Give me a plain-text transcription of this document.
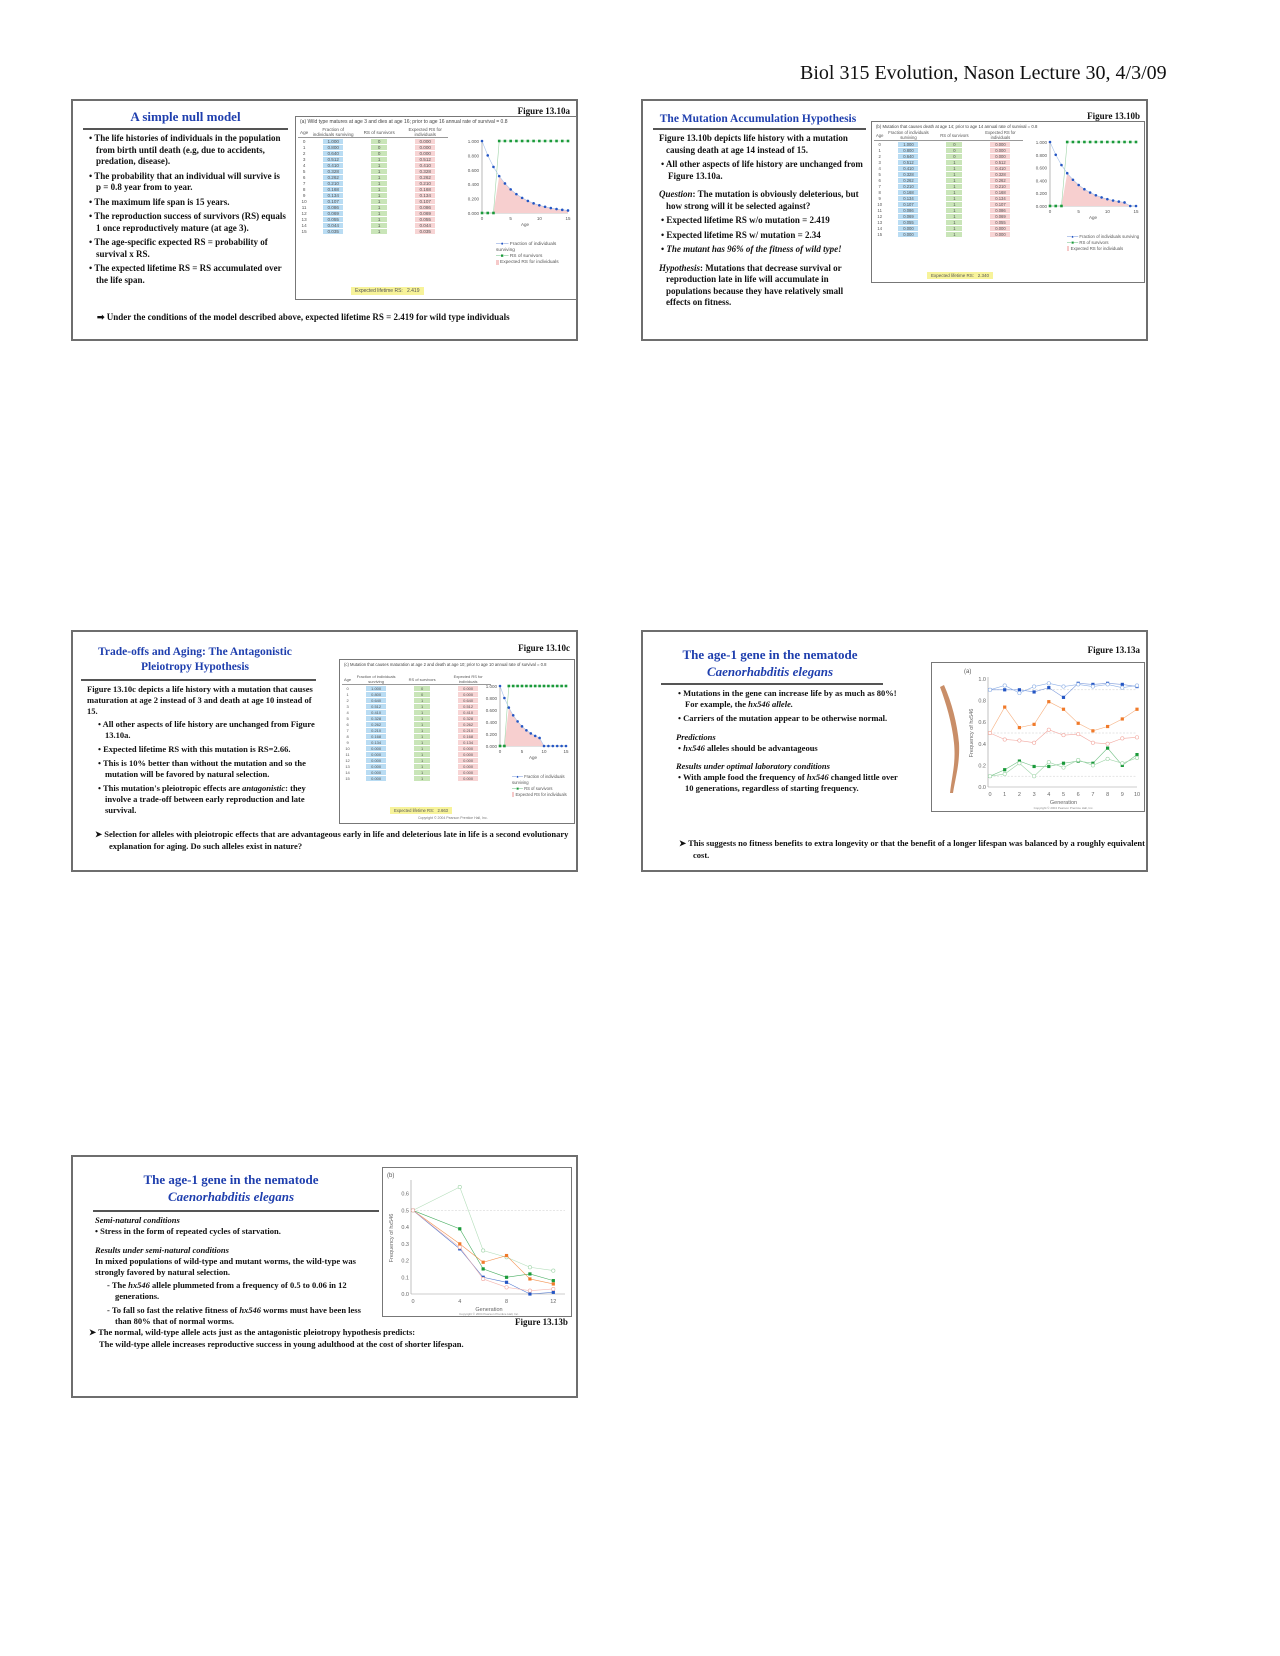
Biol 315 Evolution, Nason Lecture 30, 4/3/09
A simple null model	Figure 13.10a

• The life histories of individuals in the population from birth until death (e.g, due to accidents, predation, disease).

• The probability that an individual will survive is p = 0.8 year from to year.

• The maximum life span is 15 years.

• The reproduction success of survivors (RS) equals 1 once reproductively mature (at age 3).

• The age-specific expected RS = probability of survival x RS.

• The expected lifetime RS = RS accumulated over the life span.

➡ Under the conditions of the model described above, expected lifetime RS = 2.419 for wild type individuals
(a) Wild type matures at age 3 and dies at age 16; prior to age 16 annual rate of survival = 0.8
Age	Fraction of individuals surviving	RS of survivors	Expected RS for individuals
0	1.000	0	0.000
1	0.800	0	0.000
2	0.640	0	0.000
3	0.512	1	0.512
4	0.410	1	0.410
5	0.328	1	0.328
6	0.262	1	0.262
7	0.210	1	0.210
8	0.168	1	0.168
9	0.134	1	0.134
10	0.107	1	0.107
11	0.086	1	0.086
12	0.069	1	0.069
13	0.055	1	0.055
14	0.044	1	0.044
15	0.035	1	0.035
Expected lifetime RS: 2.419
1.000
0.800
0.600
0.400
0.200
0.000
0	5	10	15
Age
—●— Fraction of individuals surviving
—■— RS of survivors
Expected RS for individuals
The Mutation Accumulation Hypothesis	Figure 13.10b

Figure 13.10b depicts life history with a mutation causing death at age 14 instead of 15.

• All other aspects of life history are unchanged from Figure 13.10a.

Question: The mutation is obviously deleterious, but how strong will it be selected against?

• Expected lifetime RS w/o mutation = 2.419

• Expected lifetime RS w/ mutation = 2.34

• The mutant has 96% of the fitness of wild type!

Hypothesis: Mutations that decrease survival or reproduction late in life will accumulate in populations because they have relatively small effects on fitness.

(b) Mutation that causes death at age 14; prior to age 14 annual rate of survival = 0.8
Age	Fraction of individuals surviving	RS of survivors	Expected RS for individuals
0	1.000	0	0.000
1	0.800	0	0.000
2	0.640	0	0.000
3	0.512	1	0.512
4	0.410	1	0.410
5	0.328	1	0.328
6	0.262	1	0.262
7	0.210	1	0.210
8	0.168	1	0.168
9	0.134	1	0.134
10	0.107	1	0.107
11	0.086	1	0.086
12	0.069	1	0.069
13	0.055	1	0.055
14	0.000	1	0.000
15	0.000	1	0.000
Expected lifetime RS: 2.340
1.000
0.800
0.600
0.400
0.200
0.000
0	5	10	15
Age
—●— Fraction of individuals surviving
—■— RS of survivors
Expected RS for individuals
Trade-offs and Aging: The Antagonistic
Pleiotropy Hypothesis
Figure 13.10c

Figure 13.10c depicts a life history with a mutation that causes maturation at age 2 instead of 3 and death at age 10 instead of 15.

• All other aspects of life history are unchanged from Figure 13.10a.

• Expected lifetime RS with this mutation is RS=2.66.

• This is 10% better than without the mutation and so the mutation will be favored by natural selection.

• This mutation's pleiotropic effects are antagonistic: they involve a trade-off between early reproduction and late survival.

➤ Selection for alleles with pleiotropic effects that are advantageous early in life and deleterious late in life is a second evolutionary explanation for aging. Do such alleles exist in nature?
(c) Mutation that causes maturation at age 2 and death at age 10; prior to age 10 annual rate of survival = 0.8
Age	Fraction of individuals surviving	RS of survivors	Expected RS for individuals
0	1.000	0	0.000
1	0.800	0	0.000
2	0.640	1	0.640
3	0.512	1	0.512
4	0.410	1	0.410
5	0.328	1	0.328
6	0.262	1	0.262
7	0.210	1	0.210
8	0.168	1	0.168
9	0.134	1	0.134
10	0.000	1	0.000
11	0.000	1	0.000
12	0.000	1	0.000
13	0.000	1	0.000
14	0.000	1	0.000
15	0.000	1	0.000
Expected lifetime RS: 2.663
Copyright © 2004 Pearson Prentice Hall, Inc.
1.000
0.800
0.600
0.400
0.200
0.000
0	5	10	15
Age
—●— Fraction of individuals surviving
—■— RS of survivors
Expected RS for individuals
The age-1 gene in the nematode
Caenorhabditis elegans
Figure 13.13a

• Mutations in the gene can increase life by as much as 80%! For example, the hx546 allele.

• Carriers of the mutation appear to be otherwise normal.

Predictions

• hx546 alleles should be advantageous

Results under optimal laboratory conditions

• With ample food the frequency of hx546 changed little over 10 generations, regardless of starting frequency.

➤ This suggests no fitness benefits to extra longevity or that the benefit of a longer lifespan was balanced by a roughly equivalent cost.
(a)
0.0
0.2
0.4
0.6
0.8
1.0
0 1 2 3 4 5 6 7 8 9 10
Generation
Copyright © 2004 Pearson Prentice Hall, Inc.
Frequency of hx546
The age-1 gene in the nematode
Caenorhabditis elegans

Semi-natural conditions

• Stress in the form of repeated cycles of starvation.

Results under semi-natural conditions

In mixed populations of wild-type and mutant worms, the wild-type was strongly favored by natural selection.

- The hx546 allele plummeted from a frequency of 0.5 to 0.06 in 12 generations.

- To fall so fast the relative fitness of hx546 worms must have been less than 80% that of normal worms.

➤ The normal, wild-type allele acts just as the antagonistic pleiotropy hypothesis predicts:
The wild-type allele increases reproductive success in young adulthood at the cost of shorter lifespan.
(b)
0.0
0.1
0.2
0.3
0.4
0.5
0.6
0	4	8	12
Generation
Copyright © 2004 Pearson Prentice Hall, Inc.
Frequency of hx546
Figure 13.13b
